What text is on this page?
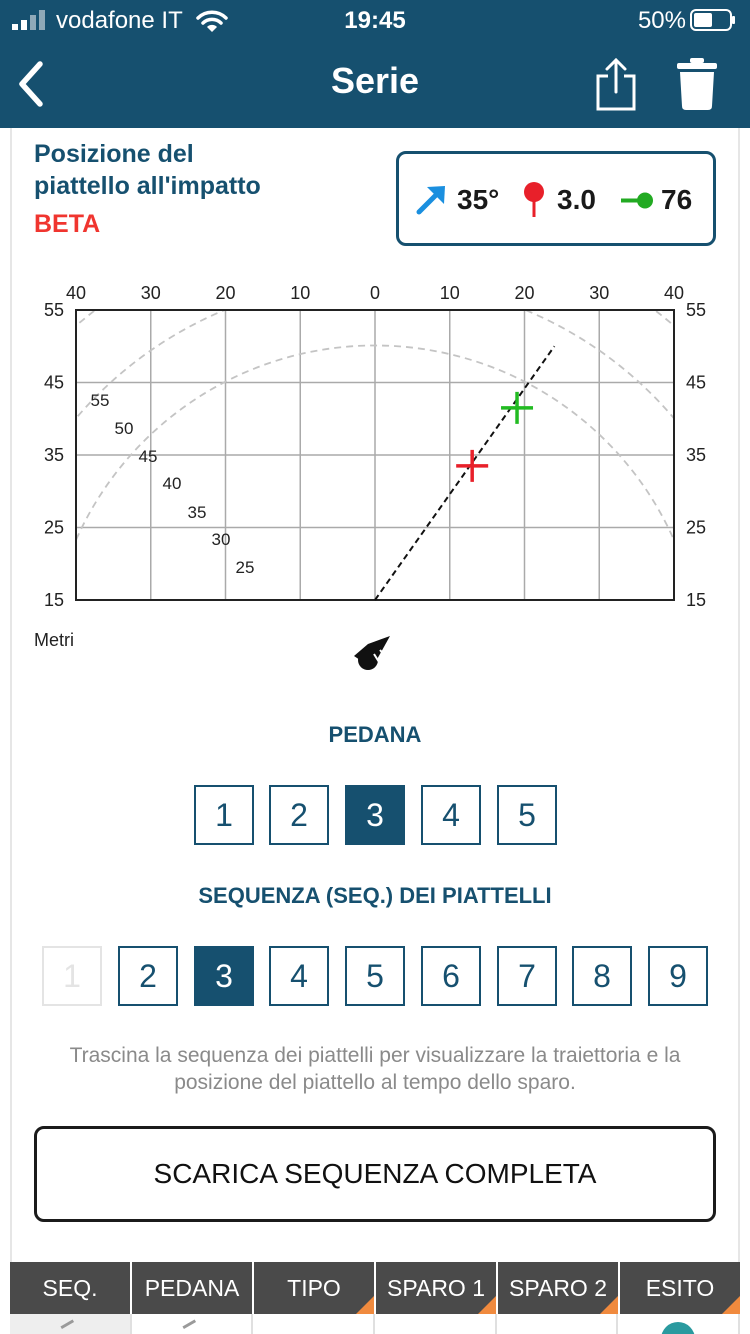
vodafone IT	19:45	50%
Serie
Posizione del
piattello all'impatto
BETA
35° 3.0 76
40	30	20	10	0	10	20	30	40
55	55
45	45
35	35
25	25
15	15
55
50
45
40
35
30
25
Metri
PEDANA
1	2	3	4	5
SEQUENZA (SEQ.) DEI PIATTELLI
1	2	3	4	5	6	7	8	9
Trascina la sequenza dei piattelli per visualizzare la traiettoria e la posizione del piattello al tempo dello sparo.
SCARICA SEQUENZA COMPLETA
SEQ. PEDANA TIPO SPARO 1 SPARO 2 ESITO
